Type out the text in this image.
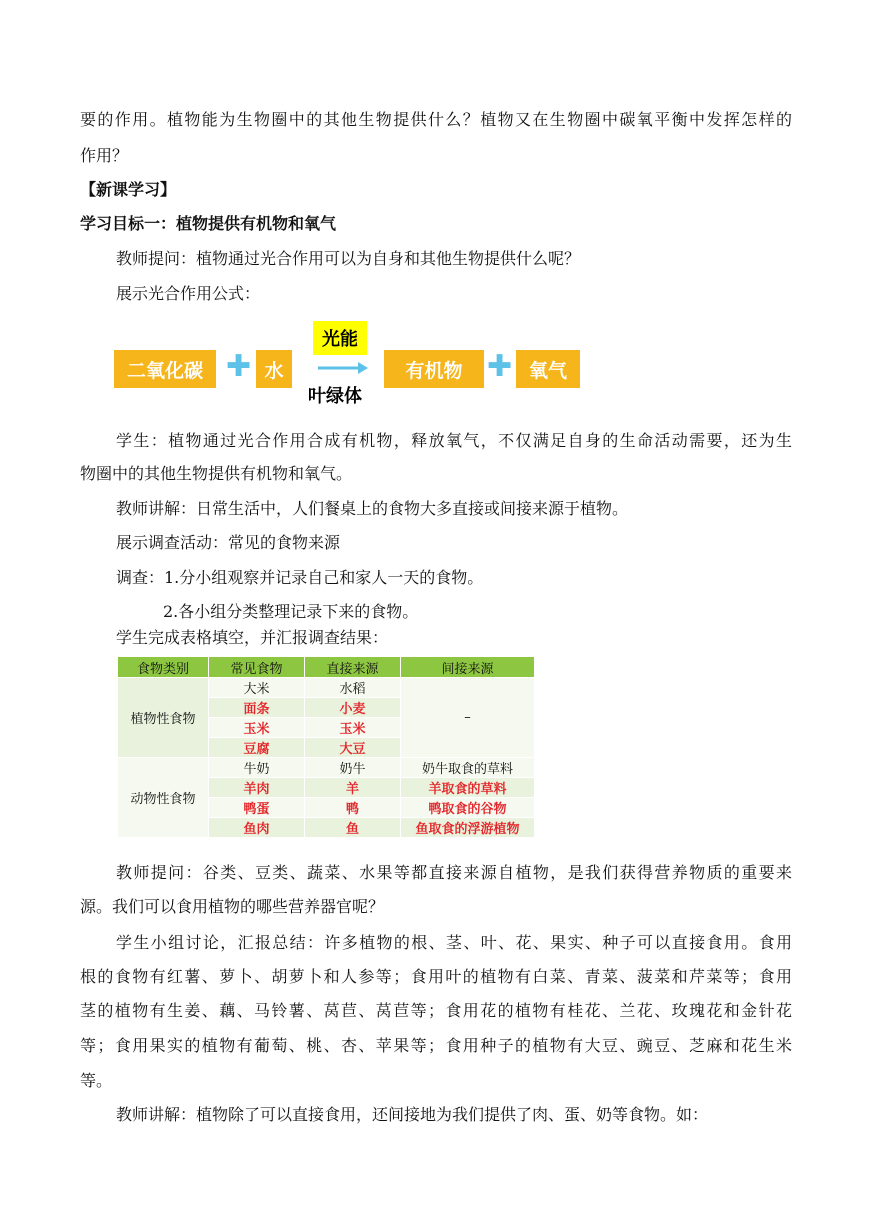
要的作用。植物能为生物圈中的其他生物提供什么？植物又在生物圈中碳氧平衡中发挥怎样的
作用？
【新课学习】
学习目标一：植物提供有机物和氧气
教师提问：植物通过光合作用可以为自身和其他生物提供什么呢？
展示光合作用公式：
二氧化碳 ✚ 水
光能
叶绿体
有机物 ✚ 氧气
学生：植物通过光合作用合成有机物，释放氧气，不仅满足自身的生命活动需要，还为生
物圈中的其他生物提供有机物和氧气。
教师讲解：日常生活中，人们餐桌上的食物大多直接或间接来源于植物。
展示调查活动：常见的食物来源
调查：1.分小组观察并记录自己和家人一天的食物。
2.各小组分类整理记录下来的食物。
学生完成表格填空，并汇报调查结果：
食物类别	常见食物	直接来源	间接来源
植物性食物	大米	水稻	–
	面条	小麦	
	玉米	玉米	
	豆腐	大豆	
动物性食物	牛奶	奶牛	奶牛取食的草料
	羊肉	羊	羊取食的草料
	鸭蛋	鸭	鸭取食的谷物
	鱼肉	鱼	鱼取食的浮游植物
教师提问：谷类、豆类、蔬菜、水果等都直接来源自植物，是我们获得营养物质的重要来
源。我们可以食用植物的哪些营养器官呢？
学生小组讨论，汇报总结：许多植物的根、茎、叶、花、果实、种子可以直接食用。食用
根的食物有红薯、萝卜、胡萝卜和人参等；食用叶的植物有白菜、青菜、菠菜和芹菜等；食用
茎的植物有生姜、藕、马铃薯、莴苣、莴苣等；食用花的植物有桂花、兰花、玫瑰花和金针花
等；食用果实的植物有葡萄、桃、杏、苹果等；食用种子的植物有大豆、豌豆、芝麻和花生米
等。
教师讲解：植物除了可以直接食用，还间接地为我们提供了肉、蛋、奶等食物。如：
